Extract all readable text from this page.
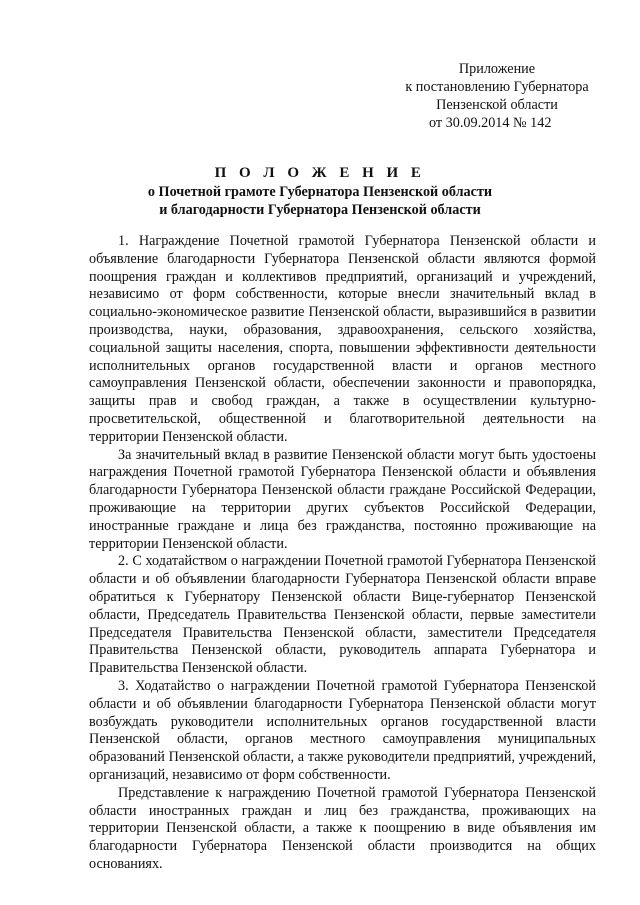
Приложение
к постановлению Губернатора
Пензенской области
от 30.09.2014 № 142
П О Л О Ж Е Н И Е
о Почетной грамоте Губернатора Пензенской области
и благодарности Губернатора Пензенской области

1. Награждение Почетной грамотой Губернатора Пензенской области и объявление благодарности Губернатора Пензенской области являются формой поощрения граждан и коллективов предприятий, организаций и учреждений, независимо от форм собственности, которые внесли значительный вклад в социально-экономическое развитие Пензенской области, выразившийся в развитии производства, науки, образования, здравоохранения, сельского хозяйства, социальной защиты населения, спорта, повышении эффективности деятельности исполнительных органов государственной власти и органов местного самоуправления Пензенской области, обеспечении законности и правопорядка, защиты прав и свобод граждан, а также в осуществлении культурно-просветительской, общественной и благотворительной деятельности на территории Пензенской области.

За значительный вклад в развитие Пензенской области могут быть удостоены награждения Почетной грамотой Губернатора Пензенской области и объявления благодарности Губернатора Пензенской области граждане Российской Федерации, проживающие на территории других субъектов Российской Федерации, иностранные граждане и лица без гражданства, постоянно проживающие на территории Пензенской области.

2. С ходатайством о награждении Почетной грамотой Губернатора Пензенской области и об объявлении благодарности Губернатора Пензенской области вправе обратиться к Губернатору Пензенской области Вице-губернатор Пензенской области, Председатель Правительства Пензенской области, первые заместители Председателя Правительства Пензенской области, заместители Председателя Правительства Пензенской области, руководитель аппарата Губернатора и Правительства Пензенской области.

3. Ходатайство о награждении Почетной грамотой Губернатора Пензенской области и об объявлении благодарности Губернатора Пензенской области могут возбуждать руководители исполнительных органов государственной власти Пензенской области, органов местного самоуправления муниципальных образований Пензенской области, а также руководители предприятий, учреждений, организаций, независимо от форм собственности.

Представление к награждению Почетной грамотой Губернатора Пензенской области иностранных граждан и лиц без гражданства, проживающих на территории Пензенской области, а также к поощрению в виде объявления им благодарности Губернатора Пензенской области производится на общих основаниях.
